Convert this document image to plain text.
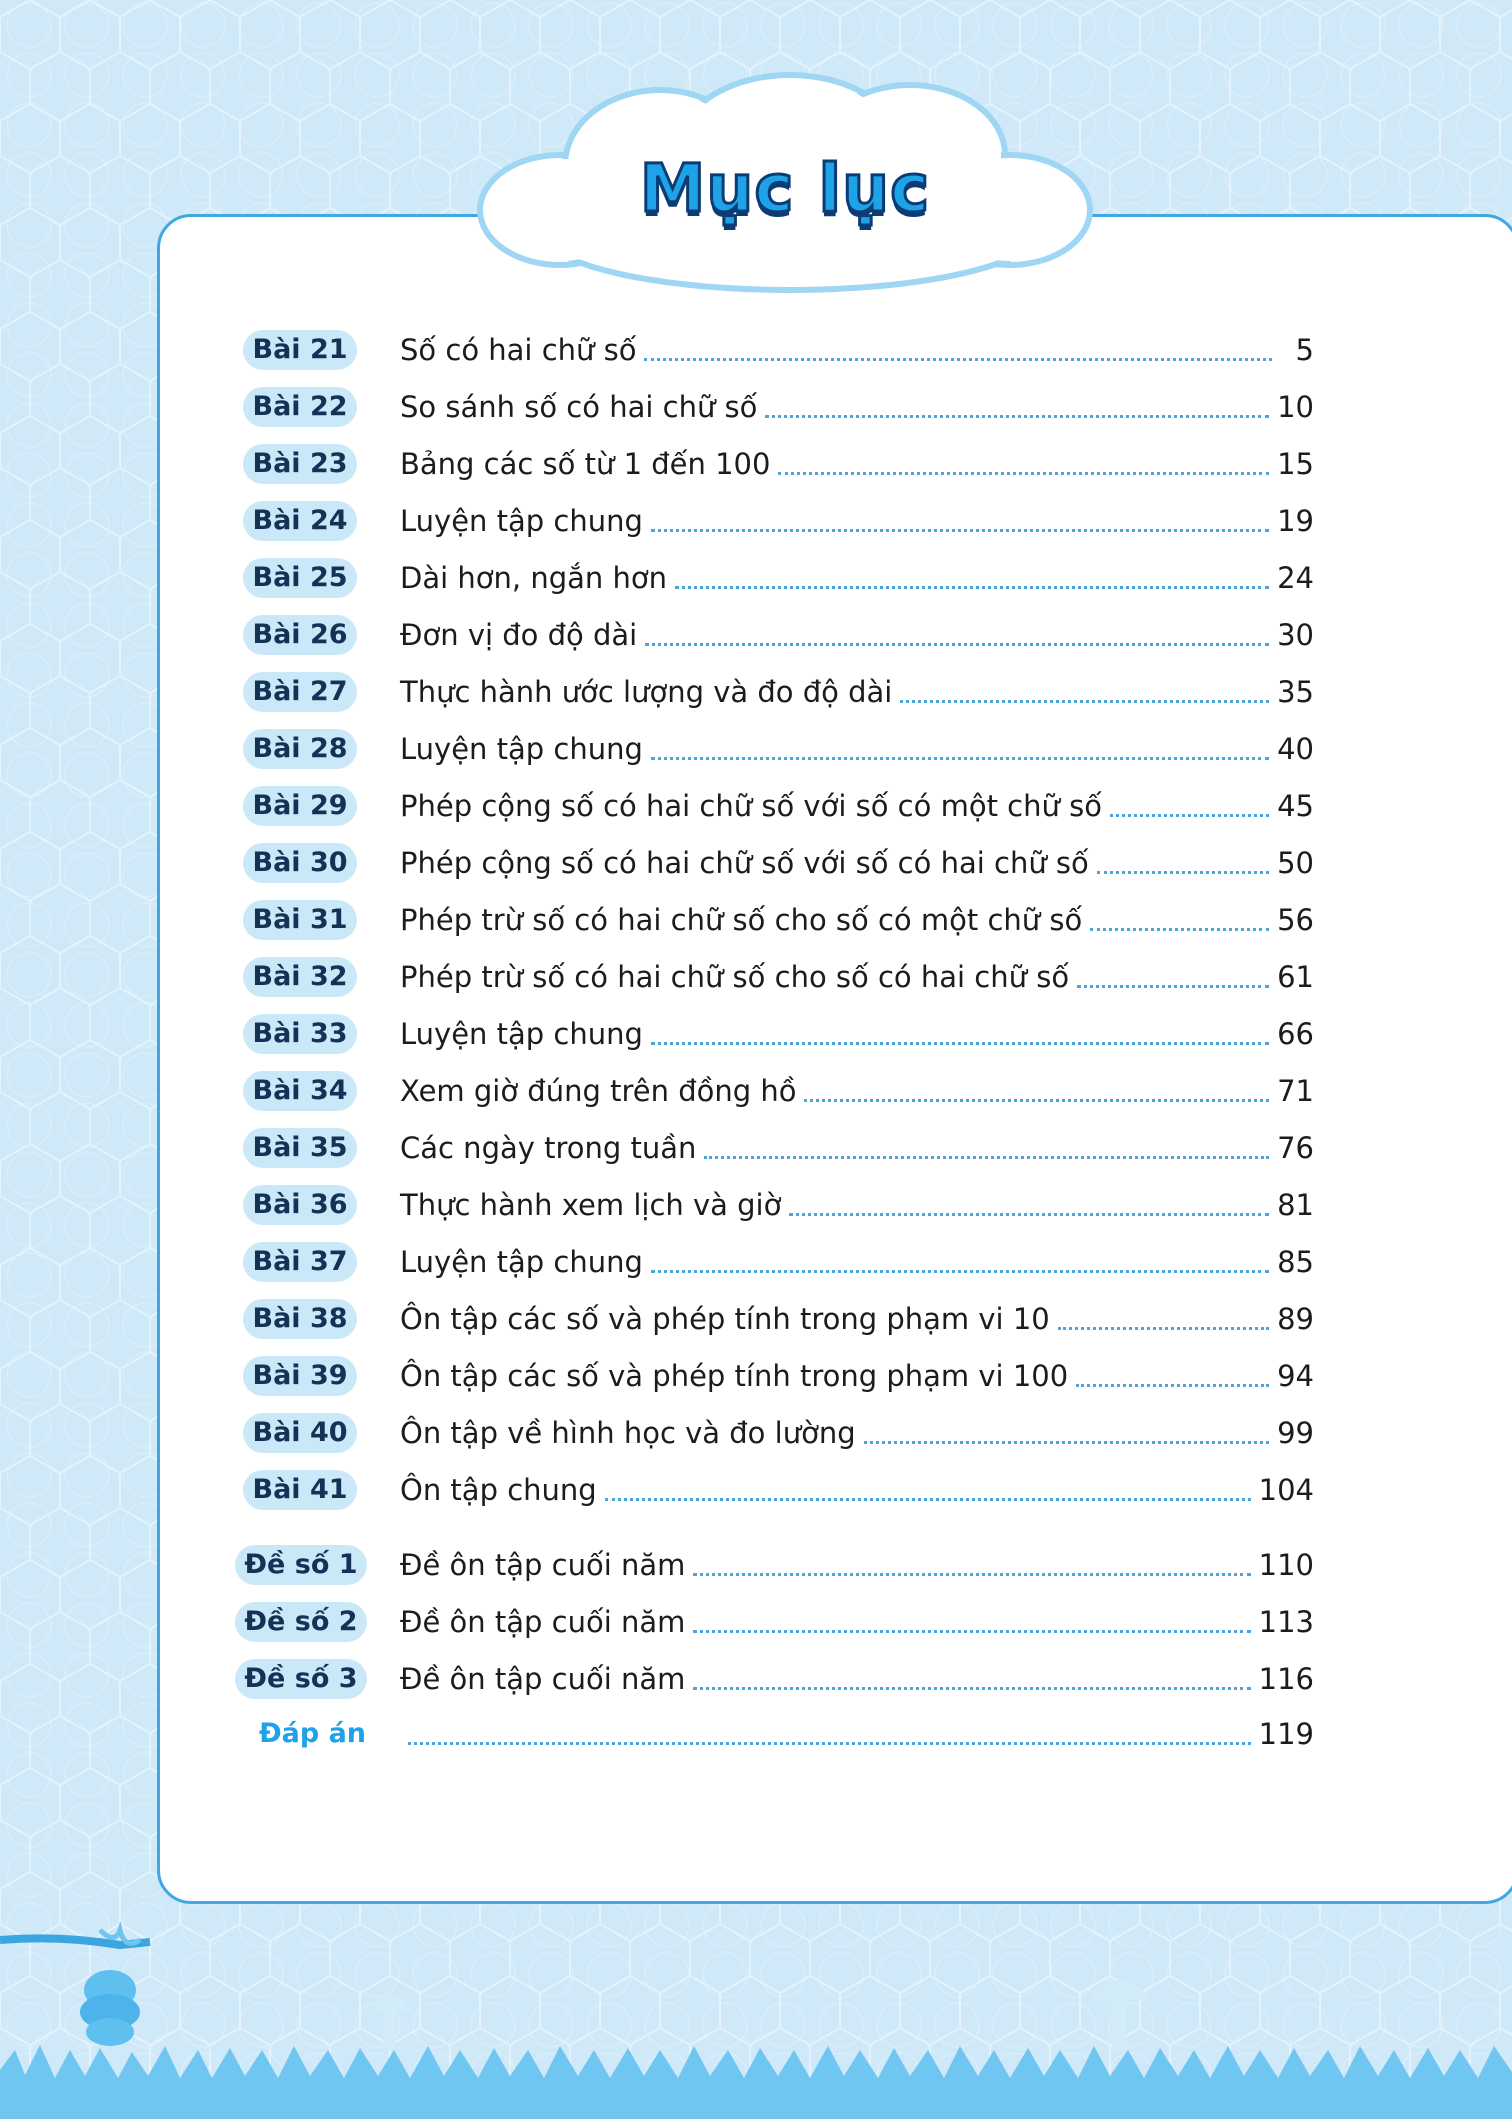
Mục lục
Bài 21	Số có hai chữ số	5
Bài 22	So sánh số có hai chữ số	10
Bài 23	Bảng các số từ 1 đến 100	15
Bài 24	Luyện tập chung	19
Bài 25	Dài hơn, ngắn hơn	24
Bài 26	Đơn vị đo độ dài	30
Bài 27	Thực hành ước lượng và đo độ dài	35
Bài 28	Luyện tập chung	40
Bài 29	Phép cộng số có hai chữ số với số có một chữ số	45
Bài 30	Phép cộng số có hai chữ số với số có hai chữ số	50
Bài 31	Phép trừ số có hai chữ số cho số có một chữ số	56
Bài 32	Phép trừ số có hai chữ số cho số có hai chữ số	61
Bài 33	Luyện tập chung	66
Bài 34	Xem giờ đúng trên đồng hồ	71
Bài 35	Các ngày trong tuần	76
Bài 36	Thực hành xem lịch và giờ	81
Bài 37	Luyện tập chung	85
Bài 38	Ôn tập các số và phép tính trong phạm vi 10	89
Bài 39	Ôn tập các số và phép tính trong phạm vi 100	94
Bài 40	Ôn tập về hình học và đo lường	99
Bài 41	Ôn tập chung	104
Đề số 1	Đề ôn tập cuối năm	110
Đề số 2	Đề ôn tập cuối năm	113
Đề số 3	Đề ôn tập cuối năm	116
Đáp án	119
